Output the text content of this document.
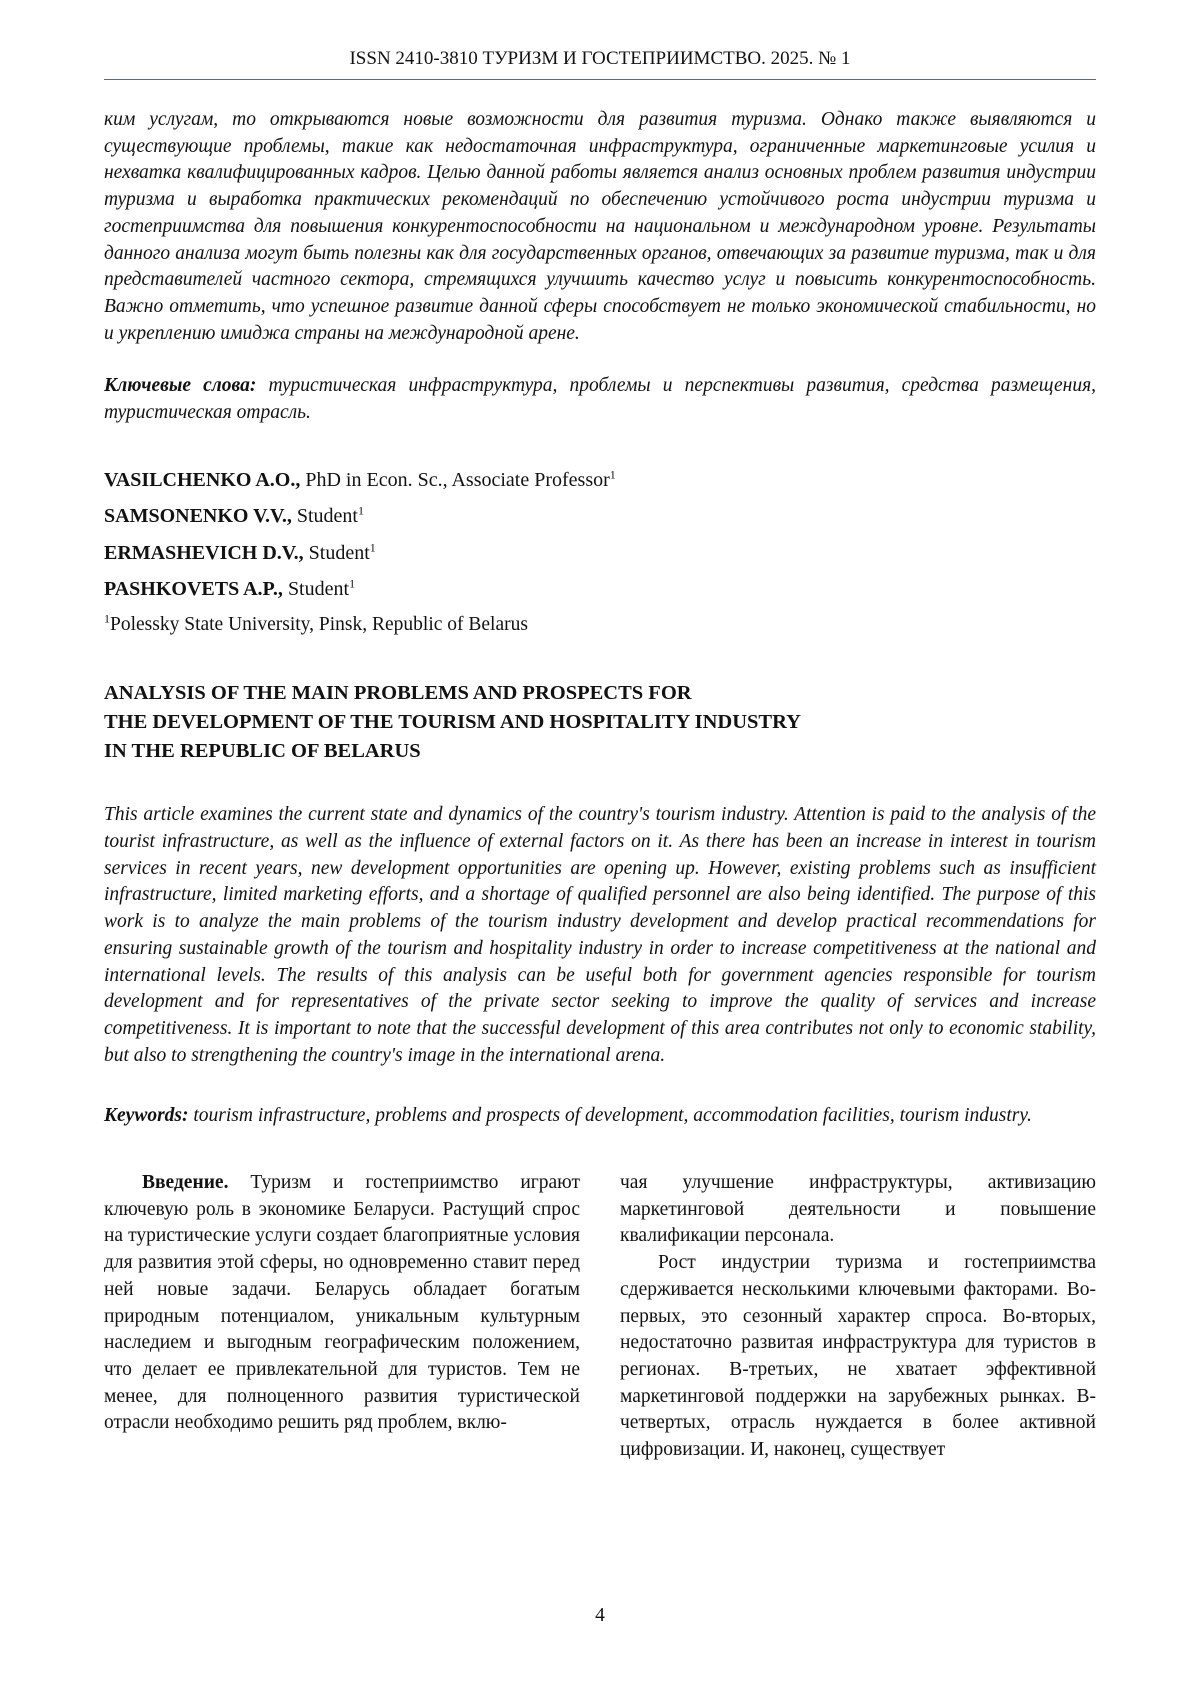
ISSN 2410-3810 ТУРИЗМ И ГОСТЕПРИИМСТВО. 2025. № 1

ким услугам, то открываются новые возможности для развития туризма. Однако также выявляются и существующие проблемы, такие как недостаточная инфраструктура, ограниченные маркетинговые усилия и нехватка квалифицированных кадров. Целью данной работы является анализ основных проблем развития индустрии туризма и выработка практических рекомендаций по обеспечению устойчивого роста индустрии туризма и гостеприимства для повышения конкурентоспособности на национальном и международном уровне. Результаты данного анализа могут быть полезны как для государственных органов, отвечающих за развитие туризма, так и для представителей частного сектора, стремящихся улучшить качество услуг и повысить конкурентоспособность. Важно отметить, что успешное развитие данной сферы способствует не только экономической стабильности, но и укреплению имиджа страны на международной арене.

Ключевые слова: туристическая инфраструктура, проблемы и перспективы развития, средства размещения, туристическая отрасль.

VASILCHENKO A.O., PhD in Econ. Sc., Associate Professor$^1$
SAMSONENKO V.V., Student$^1$
ERMASHEVICH D.V., Student$^1$
PASHKOVETS A.P., Student$^1$
$^1$Polessky State University, Pinsk, Republic of Belarus
ANALYSIS OF THE MAIN PROBLEMS AND PROSPECTS FOR
THE DEVELOPMENT OF THE TOURISM AND HOSPITALITY INDUSTRY
IN THE REPUBLIC OF BELARUS

This article examines the current state and dynamics of the country's tourism industry. Attention is paid to the analysis of the tourist infrastructure, as well as the influence of external factors on it. As there has been an increase in interest in tourism services in recent years, new development opportunities are opening up. However, existing problems such as insufficient infrastructure, limited marketing efforts, and a shortage of qualified personnel are also being identified. The purpose of this work is to analyze the main problems of the tourism industry development and develop practical recommendations for ensuring sustainable growth of the tourism and hospitality industry in order to increase competitiveness at the national and international levels. The results of this analysis can be useful both for government agencies responsible for tourism development and for representatives of the private sector seeking to improve the quality of services and increase competitiveness. It is important to note that the successful development of this area contributes not only to economic stability, but also to strengthening the country's image in the international arena.

Keywords: tourism infrastructure, problems and prospects of development, accommodation facilities, tourism industry.

Введение. Туризм и гостеприимство играют ключевую роль в экономике Беларуси. Растущий спрос на туристические услуги создает благоприятные условия для развития этой сферы, но одновременно ставит перед ней новые задачи. Беларусь обладает богатым природным потенциалом, уникальным культурным наследием и выгодным географическим положением, что делает ее привлекательной для туристов. Тем не менее, для полноценного развития туристической отрасли необходимо решить ряд проблем, вклю-

чая улучшение инфраструктуры, активизацию маркетинговой деятельности и повышение квалификации персонала.

Рост индустрии туризма и гостеприимства сдерживается несколькими ключевыми факторами. Во-первых, это сезонный характер спроса. Во-вторых, недостаточно развитая инфраструктура для туристов в регионах. В-третьих, не хватает эффективной маркетинговой поддержки на зарубежных рынках. В-четвертых, отрасль нуждается в более активной цифровизации. И, наконец, существует

4
